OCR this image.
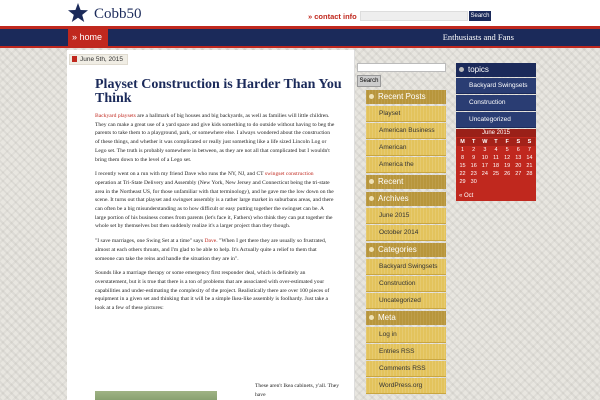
Cobb50	» contact info	Search
» home	Enthusiasts and Fans
June 5th, 2015
Playset Construction is Harder Than You Think

Backyard playsets are a hallmark of big houses and big backyards, as well as families will little children. They can make a great use of a yard space and give kids something to do outside without having to beg the parents to take them to a playground, park, or somewhere else. I always wondered about the construction of these things, and whether it was complicated or really just something like a life sized Lincoln Log or Lego set. The truth is probably somewhere in between, as they are not all that complicated but I wouldn't bring them down to the level of a Lego set.

I recently went on a run with my friend Dave who runs the NY, NJ, and CT swingset construction operation at Tri-State Delivery and Assembly (New York, New Jersey and Connecticut being the tri-state area in the Northeast US, for those unfamiliar with that terminology), and he gave me the low down on the scene. It turns out that playset and swingset assembly is a rather large market in suburbans areas, and there can often be a big misunderstanding as to how difficult or easy putting together the swingset can be. A large portion of his business comes from parents (let's face it, Fathers) who think they can put together the whole set by themselves but then suddenly realize it's a larger project than they though.

"I save marriages, one Swing Set at a time" says Dave. "When I get there they are usually so frustrated, almost at each others throats, and I'm glad to be able to help. It's Actually quite a relief to them that someone can take the reins and handle the situation they are in".

Sounds like a marriage therapy or some emergency first responder deal, which is definitely an overstatement, but it is true that there is a ton of problems that are associated with over-estimated your capabilities and under-estimating the complexity of the project. Realistically there are over 100 pieces of equipment in a given set and thinking that it will be a simple Ikea-like assembly is foolhardy. Just take a look at a few of these pictures:

These aren't Ikea cabinets, y'all. They have
Search
Recent Posts
Playset
American Business
American
America the
Recent
Archives
June 2015
October 2014
Categories
Backyard Swingsets
Construction
Uncategorized
Meta
Log in
Entries RSS
Comments RSS
WordPress.org
topics
Backyard Swingsets
Construction
Uncategorized
June 2015
M	T	W	T	F	S	S
1	2	3	4	5	6	7
8	9	10 11 12 13 14
15 16 17 18 19 20 21
22 23 24 25 26 27 28
29 30
« Oct
